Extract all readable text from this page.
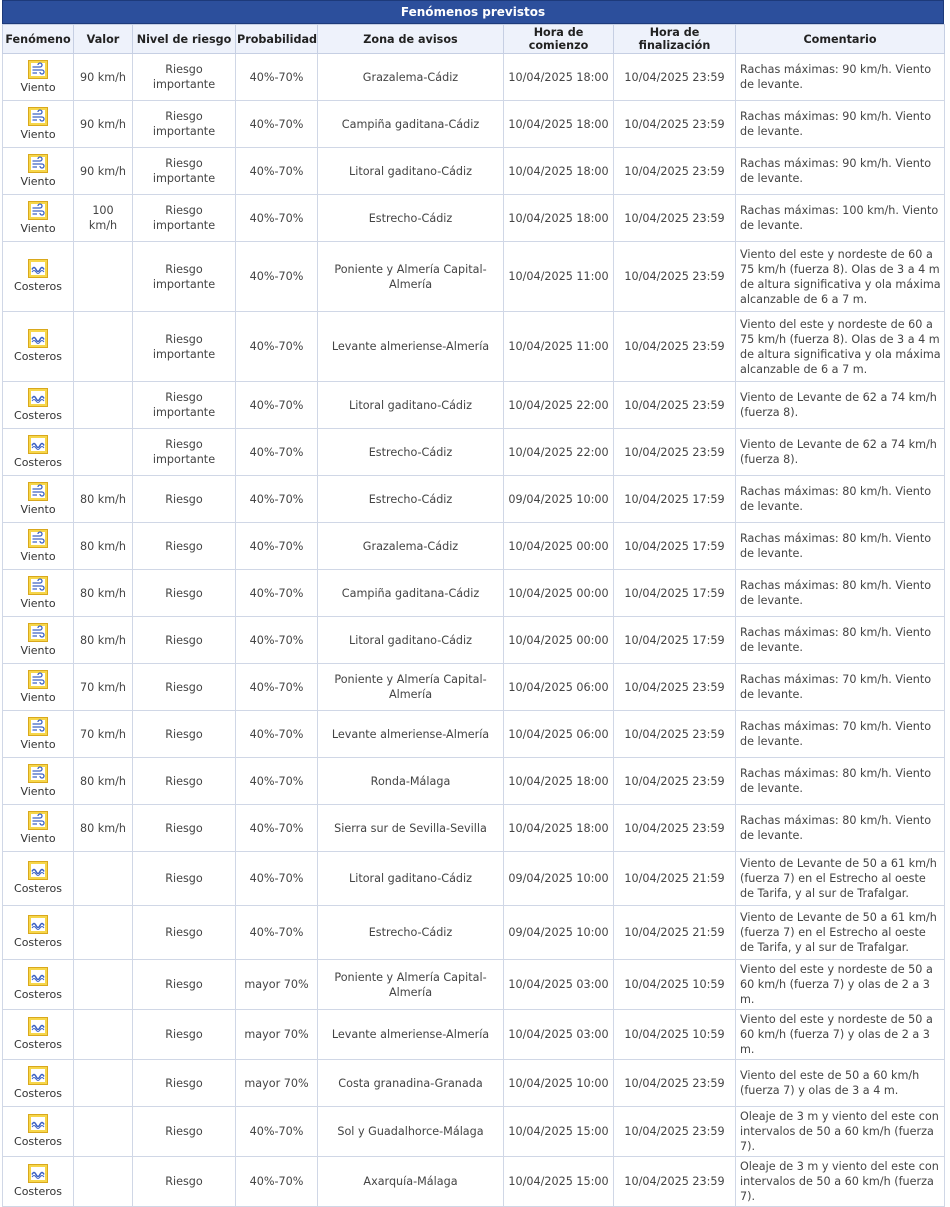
Fenómenos previstos
Fenómeno	Valor	Nivel de riesgo	Probabilidad	Zona de avisos	Hora de comienzo	Hora de finalización	Comentario

Viento	90 km/h	Riesgo importante	40%-70%	Grazalema-Cádiz	10/04/2025 18:00	10/04/2025 23:59	Rachas máximas: 90 km/h. Viento de levante.

Viento	90 km/h	Riesgo importante	40%-70%	Campiña gaditana-Cádiz	10/04/2025 18:00	10/04/2025 23:59	Rachas máximas: 90 km/h. Viento de levante.

Viento	90 km/h	Riesgo importante	40%-70%	Litoral gaditano-Cádiz	10/04/2025 18:00	10/04/2025 23:59	Rachas máximas: 90 km/h. Viento de levante.

Viento	100 km/h	Riesgo importante	40%-70%	Estrecho-Cádiz	10/04/2025 18:00	10/04/2025 23:59	Rachas máximas: 100 km/h. Viento de levante.

Costeros		Riesgo importante	40%-70%	Poniente y Almería Capital-Almería	10/04/2025 11:00	10/04/2025 23:59	Viento del este y nordeste de 60 a 75 km/h (fuerza 8). Olas de 3 a 4 m de altura significativa y ola máxima alcanzable de 6 a 7 m.

Costeros		Riesgo importante	40%-70%	Levante almeriense-Almería	10/04/2025 11:00	10/04/2025 23:59	Viento del este y nordeste de 60 a 75 km/h (fuerza 8). Olas de 3 a 4 m de altura significativa y ola máxima alcanzable de 6 a 7 m.

Costeros		Riesgo importante	40%-70%	Litoral gaditano-Cádiz	10/04/2025 22:00	10/04/2025 23:59	Viento de Levante de 62 a 74 km/h (fuerza 8).

Costeros		Riesgo importante	40%-70%	Estrecho-Cádiz	10/04/2025 22:00	10/04/2025 23:59	Viento de Levante de 62 a 74 km/h (fuerza 8).

Viento	80 km/h	Riesgo	40%-70%	Estrecho-Cádiz	09/04/2025 10:00	10/04/2025 17:59	Rachas máximas: 80 km/h. Viento de levante.

Viento	80 km/h	Riesgo	40%-70%	Grazalema-Cádiz	10/04/2025 00:00	10/04/2025 17:59	Rachas máximas: 80 km/h. Viento de levante.

Viento	80 km/h	Riesgo	40%-70%	Campiña gaditana-Cádiz	10/04/2025 00:00	10/04/2025 17:59	Rachas máximas: 80 km/h. Viento de levante.

Viento	80 km/h	Riesgo	40%-70%	Litoral gaditano-Cádiz	10/04/2025 00:00	10/04/2025 17:59	Rachas máximas: 80 km/h. Viento de levante.

Viento	70 km/h	Riesgo	40%-70%	Poniente y Almería Capital-Almería	10/04/2025 06:00	10/04/2025 23:59	Rachas máximas: 70 km/h. Viento de levante.

Viento	70 km/h	Riesgo	40%-70%	Levante almeriense-Almería	10/04/2025 06:00	10/04/2025 23:59	Rachas máximas: 70 km/h. Viento de levante.

Viento	80 km/h	Riesgo	40%-70%	Ronda-Málaga	10/04/2025 18:00	10/04/2025 23:59	Rachas máximas: 80 km/h. Viento de levante.

Viento	80 km/h	Riesgo	40%-70%	Sierra sur de Sevilla-Sevilla	10/04/2025 18:00	10/04/2025 23:59	Rachas máximas: 80 km/h. Viento de levante.

Costeros		Riesgo	40%-70%	Litoral gaditano-Cádiz	09/04/2025 10:00	10/04/2025 21:59	Viento de Levante de 50 a 61 km/h (fuerza 7) en el Estrecho al oeste de Tarifa, y al sur de Trafalgar.

Costeros		Riesgo	40%-70%	Estrecho-Cádiz	09/04/2025 10:00	10/04/2025 21:59	Viento de Levante de 50 a 61 km/h (fuerza 7) en el Estrecho al oeste de Tarifa, y al sur de Trafalgar.

Costeros		Riesgo	mayor 70%	Poniente y Almería Capital-Almería	10/04/2025 03:00	10/04/2025 10:59	Viento del este y nordeste de 50 a 60 km/h (fuerza 7) y olas de 2 a 3 m.

Costeros		Riesgo	mayor 70%	Levante almeriense-Almería	10/04/2025 03:00	10/04/2025 10:59	Viento del este y nordeste de 50 a 60 km/h (fuerza 7) y olas de 2 a 3 m.

Costeros		Riesgo	mayor 70%	Costa granadina-Granada	10/04/2025 10:00	10/04/2025 23:59	Viento del este de 50 a 60 km/h (fuerza 7) y olas de 3 a 4 m.

Costeros		Riesgo	40%-70%	Sol y Guadalhorce-Málaga	10/04/2025 15:00	10/04/2025 23:59	Oleaje de 3 m y viento del este con intervalos de 50 a 60 km/h (fuerza 7).

Costeros		Riesgo	40%-70%	Axarquía-Málaga	10/04/2025 15:00	10/04/2025 23:59	Oleaje de 3 m y viento del este con intervalos de 50 a 60 km/h (fuerza 7).
